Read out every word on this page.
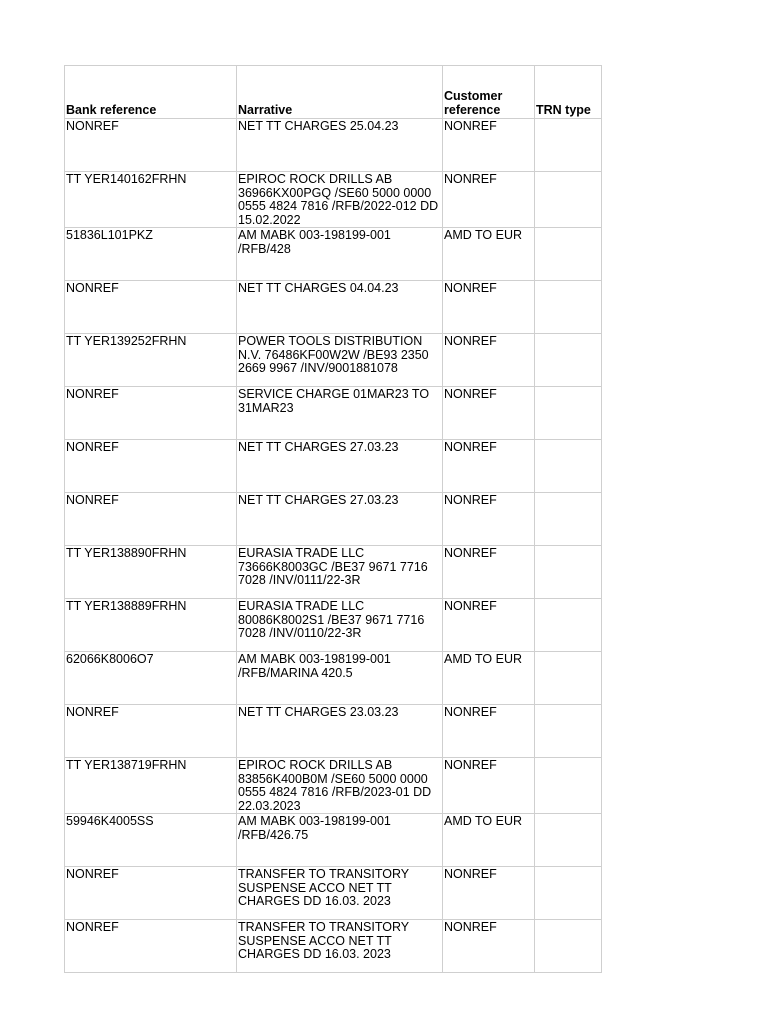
Bank reference	Narrative	Customer reference	TRN type
NONREF	NET TT CHARGES 25.04.23	NONREF	
TT YER140162FRHN	EPIROC ROCK DRILLS AB 36966KX00PGQ /SE60 5000 0000 0555 4824 7816 /RFB/2022-012 DD 15.02.2022	NONREF	
51836L101PKZ	AM MABK 003-198199-001 /RFB/428	AMD TO EUR	
NONREF	NET TT CHARGES 04.04.23	NONREF	
TT YER139252FRHN	POWER TOOLS DISTRIBUTION N.V. 76486KF00W2W /BE93 2350 2669 9967 /INV/9001881078	NONREF	
NONREF	SERVICE CHARGE 01MAR23 TO 31MAR23	NONREF	
NONREF	NET TT CHARGES 27.03.23	NONREF	
NONREF	NET TT CHARGES 27.03.23	NONREF	
TT YER138890FRHN	EURASIA TRADE LLC 73666K8003GC /BE37 9671 7716 7028 /INV/0111/22-3R	NONREF	
TT YER138889FRHN	EURASIA TRADE LLC 80086K8002S1 /BE37 9671 7716 7028 /INV/0110/22-3R	NONREF	
62066K8006O7	AM MABK 003-198199-001 /RFB/MARINA 420.5	AMD TO EUR	
NONREF	NET TT CHARGES 23.03.23	NONREF	
TT YER138719FRHN	EPIROC ROCK DRILLS AB 83856K400B0M /SE60 5000 0000 0555 4824 7816 /RFB/2023-01 DD 22.03.2023	NONREF	
59946K4005SS	AM MABK 003-198199-001 /RFB/426.75	AMD TO EUR	
NONREF	TRANSFER TO TRANSITORY SUSPENSE ACCO NET TT CHARGES DD 16.03. 2023	NONREF	
NONREF	TRANSFER TO TRANSITORY SUSPENSE ACCO NET TT CHARGES DD 16.03. 2023	NONREF	
